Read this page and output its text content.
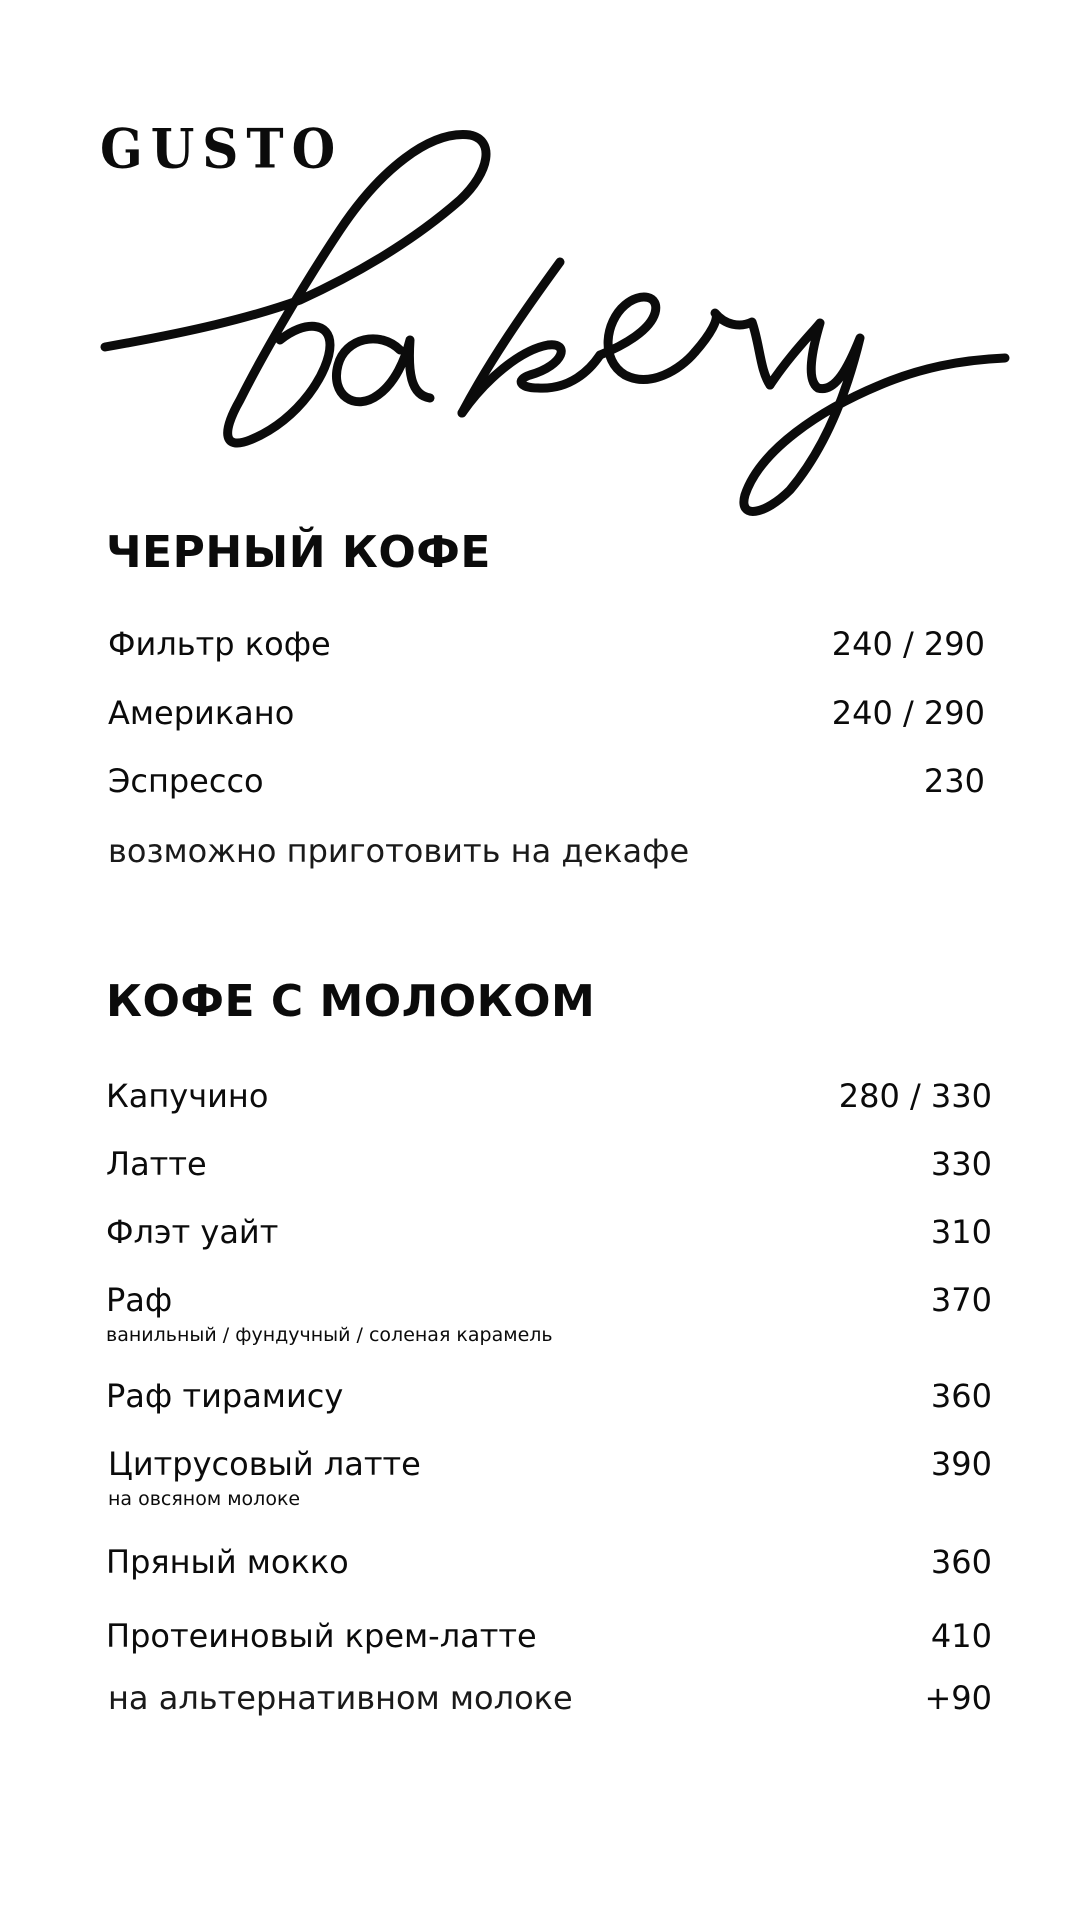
GUSTO
ЧЕРНЫЙ КОФЕ
Фильтр кофе	240 / 290
Американо	240 / 290
Эспрессо	230
возможно приготовить на декафе
КОФЕ С МОЛОКОМ
Капучино	280 / 330
Латте	330
Флэт уайт	310
Раф	370
ванильный / фундучный / соленая карамель
Раф тирамису	360
Цитрусовый латте	390
на овсяном молоке
Пряный мокко	360
Протеиновый крем-латте	410
на альтернативном молоке	+90
